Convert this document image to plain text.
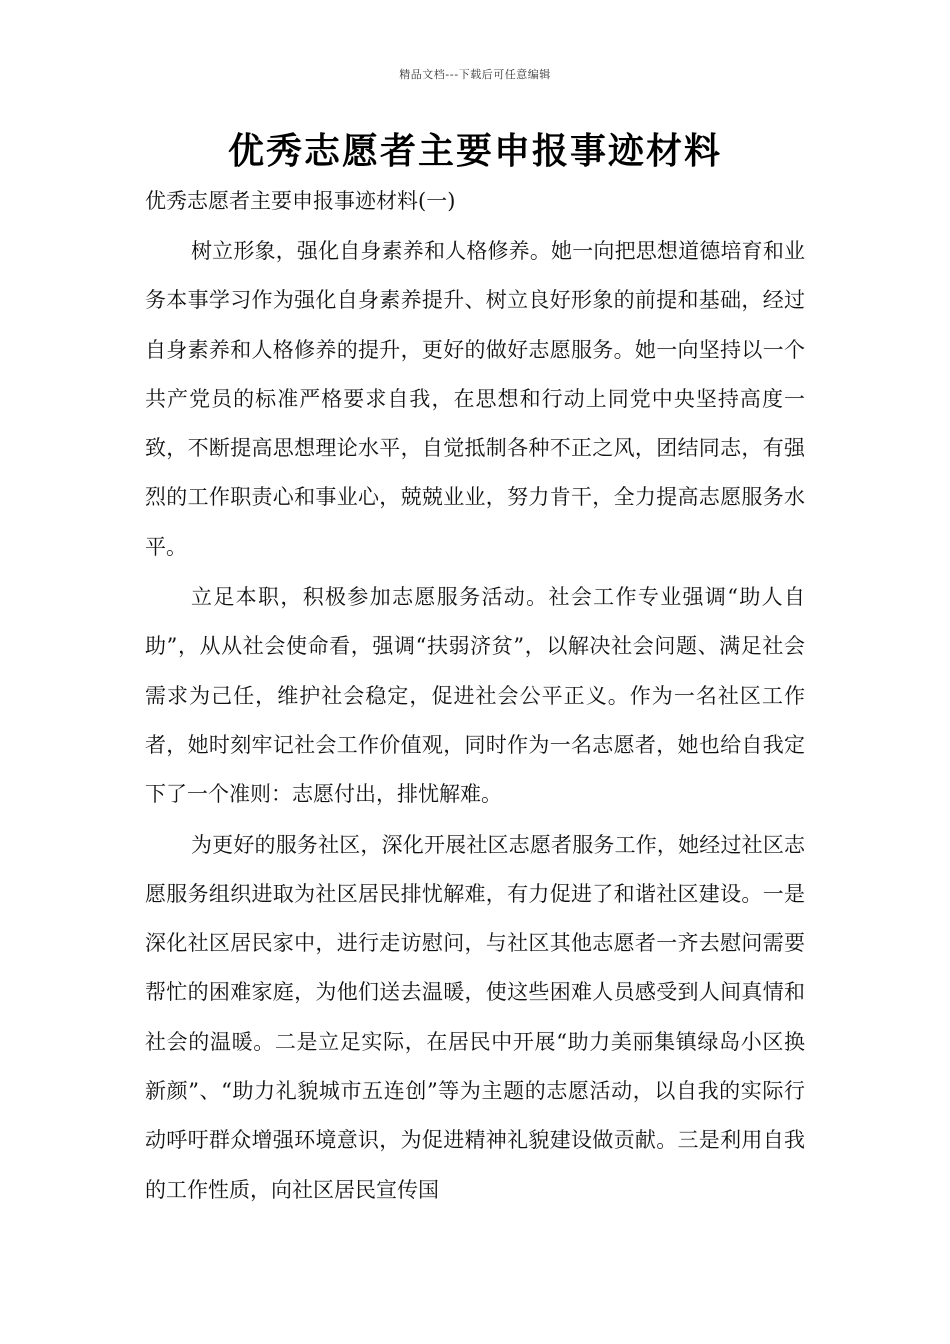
精品文档---下载后可任意编辑
优秀志愿者主要申报事迹材料
优秀志愿者主要申报事迹材料(一)

树立形象，强化自身素养和人格修养。她一向把思想道德培育和业务本事学习作为强化自身素养提升、树立良好形象的前提和基础，经过自身素养和人格修养的提升，更好的做好志愿服务。她一向坚持以一个共产党员的标准严格要求自我，在思想和行动上同党中央坚持高度一致，不断提高思想理论水平，自觉抵制各种不正之风，团结同志，有强烈的工作职责心和事业心，兢兢业业，努力肯干，全力提高志愿服务水平。

立足本职，积极参加志愿服务活动。社会工作专业强调“助人自助”，从从社会使命看，强调“扶弱济贫”，以解决社会问题、满足社会需求为己任，维护社会稳定，促进社会公平正义。作为一名社区工作者，她时刻牢记社会工作价值观，同时作为一名志愿者，她也给自我定下了一个准则：志愿付出，排忧解难。

为更好的服务社区，深化开展社区志愿者服务工作，她经过社区志愿服务组织进取为社区居民排忧解难，有力促进了和谐社区建设。一是深化社区居民家中，进行走访慰问，与社区其他志愿者一齐去慰问需要帮忙的困难家庭，为他们送去温暖，使这些困难人员感受到人间真情和社会的温暖。二是立足实际，在居民中开展“助力美丽集镇绿岛小区换新颜”、“助力礼貌城市五连创”等为主题的志愿活动，以自我的实际行动呼吁群众增强环境意识，为促进精神礼貌建设做贡献。三是利用自我的工作性质，向社区居民宣传国
